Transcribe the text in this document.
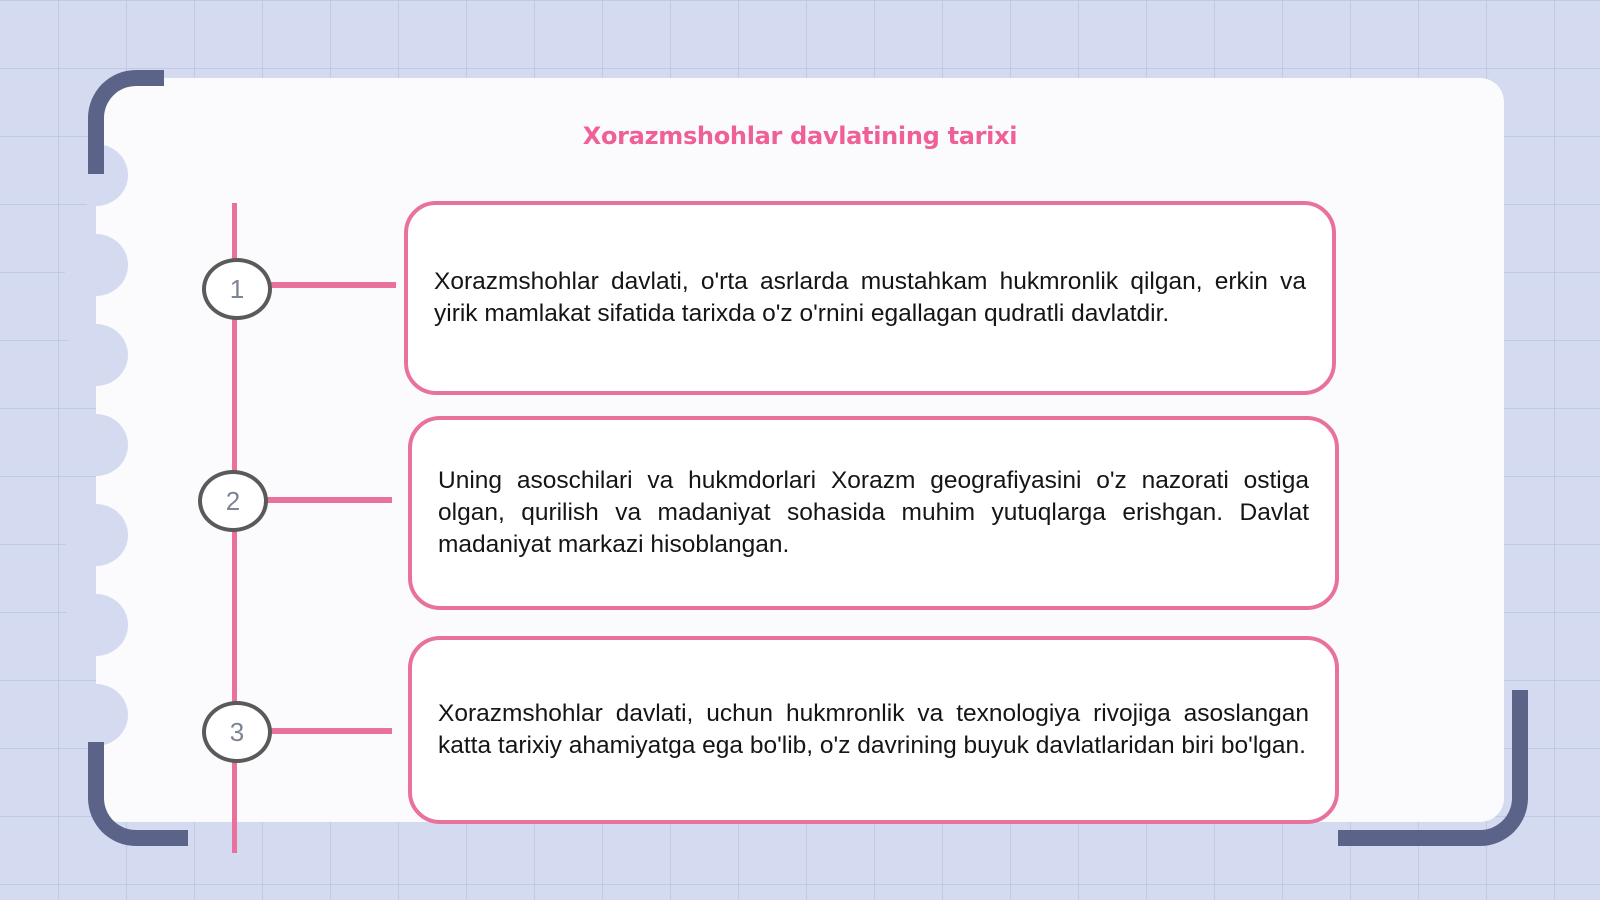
Xorazmshohlar davlatining tarixi
1
2
3
Xorazmshohlar davlati, o'rta asrlarda mustahkam hukmronlik qilgan, erkin va yirik mamlakat sifatida tarixda o'z o'rnini egallagan qudratli davlatdir.
Uning asoschilari va hukmdorlari Xorazm geografiyasini o'z nazorati ostiga olgan, qurilish va madaniyat sohasida muhim yutuqlarga erishgan. Davlat madaniyat markazi hisoblangan.
Xorazmshohlar davlati, uchun hukmronlik va texnologiya rivojiga asoslangan katta tarixiy ahamiyatga ega bo'lib, o'z davrining buyuk davlatlaridan biri bo'lgan.
